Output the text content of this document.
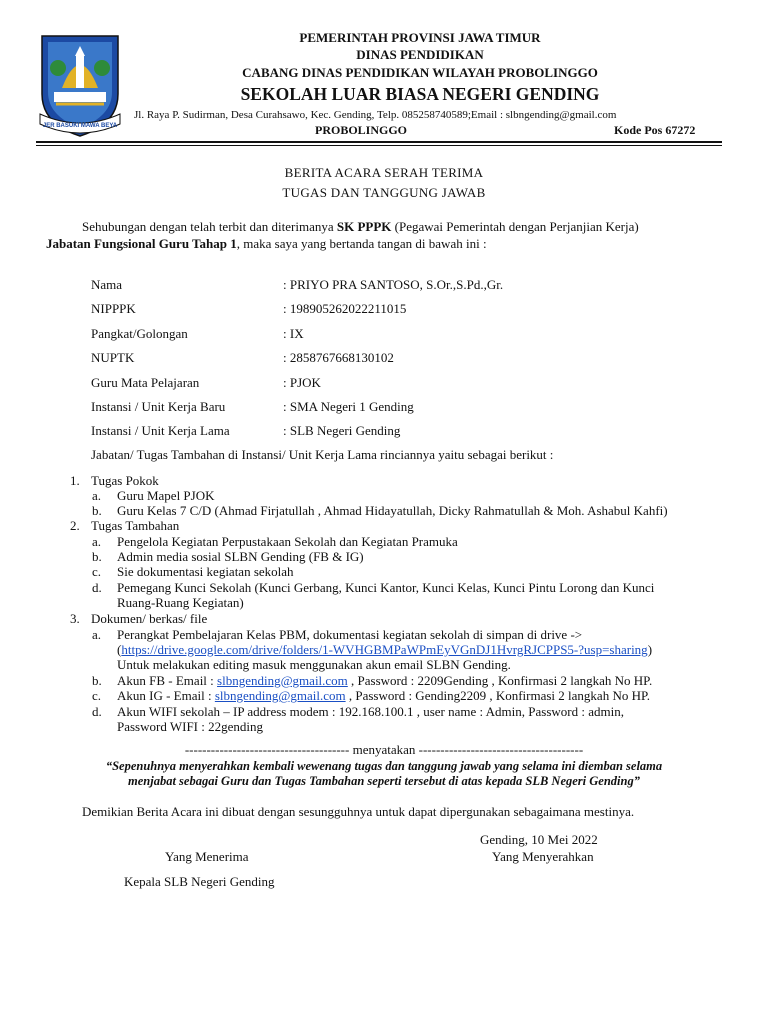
JER BASUKI MAWA BEYA
PEMERINTAH PROVINSI JAWA TIMUR
DINAS PENDIDIKAN
CABANG DINAS PENDIDIKAN WILAYAH PROBOLINGGO
SEKOLAH LUAR BIASA NEGERI GENDING
Jl. Raya P. Sudirman, Desa Curahsawo, Kec. Gending, Telp. 085258740589;Email : slbngending@gmail.com
PROBOLINGGO	Kode Pos 67272
BERITA ACARA SERAH TERIMA
TUGAS DAN TANGGUNG JAWAB
Sehubungan dengan telah terbit dan diterimanya SK PPPK (Pegawai Pemerintah dengan Perjanjian Kerja)
Jabatan Fungsional Guru Tahap 1, maka saya yang bertanda tangan di bawah ini :
Nama	: PRIYO PRA SANTOSO, S.Or.,S.Pd.,Gr.
NIPPPK	: 198905262022211015
Pangkat/Golongan	: IX
NUPTK	: 2858767668130102
Guru Mata Pelajaran	: PJOK
Instansi / Unit Kerja Baru	: SMA Negeri 1 Gending
Instansi / Unit Kerja Lama	: SLB Negeri Gending
Jabatan/ Tugas Tambahan di Instansi/ Unit Kerja Lama rinciannya yaitu sebagai berikut :
1. Tugas Pokok
a. Guru Mapel PJOK
b. Guru Kelas 7 C/D (Ahmad Firjatullah , Ahmad Hidayatullah, Dicky Rahmatullah & Moh. Ashabul Kahfi)
2. Tugas Tambahan
a. Pengelola Kegiatan Perpustakaan Sekolah dan Kegiatan Pramuka
b. Admin media sosial SLBN Gending (FB & IG)
c. Sie dokumentasi kegiatan sekolah
d. Pemegang Kunci Sekolah (Kunci Gerbang, Kunci Kantor, Kunci Kelas, Kunci Pintu Lorong dan Kunci
Ruang-Ruang Kegiatan)
3. Dokumen/ berkas/ file
a. Perangkat Pembelajaran Kelas PBM, dokumentasi kegiatan sekolah di simpan di drive ->
(https://drive.google.com/drive/folders/1-WVHGBMPaWPmEyVGnDJ1HvrgRJCPPS5-?usp=sharing)
Untuk melakukan editing masuk menggunakan akun email SLBN Gending.
b. Akun FB - Email : slbngending@gmail.com , Password : 2209Gending , Konfirmasi 2 langkah No HP.
c. Akun IG - Email : slbngending@gmail.com , Password : Gending2209 , Konfirmasi 2 langkah No HP.
d. Akun WIFI sekolah – IP address modem : 192.168.100.1 , user name : Admin, Password : admin,
Password WIFI : 22gending
-------------------------------------- menyatakan --------------------------------------
“Sepenuhnya menyerahkan kembali wewenang tugas dan tanggung jawab yang selama ini diemban selama
menjabat sebagai Guru dan Tugas Tambahan seperti tersebut di atas kepada SLB Negeri Gending”
Demikian Berita Acara ini dibuat dengan sesungguhnya untuk dapat dipergunakan sebagaimana mestinya.
Gending, 10 Mei 2022
Yang Menerima	Yang Menyerahkan
Kepala SLB Negeri Gending
